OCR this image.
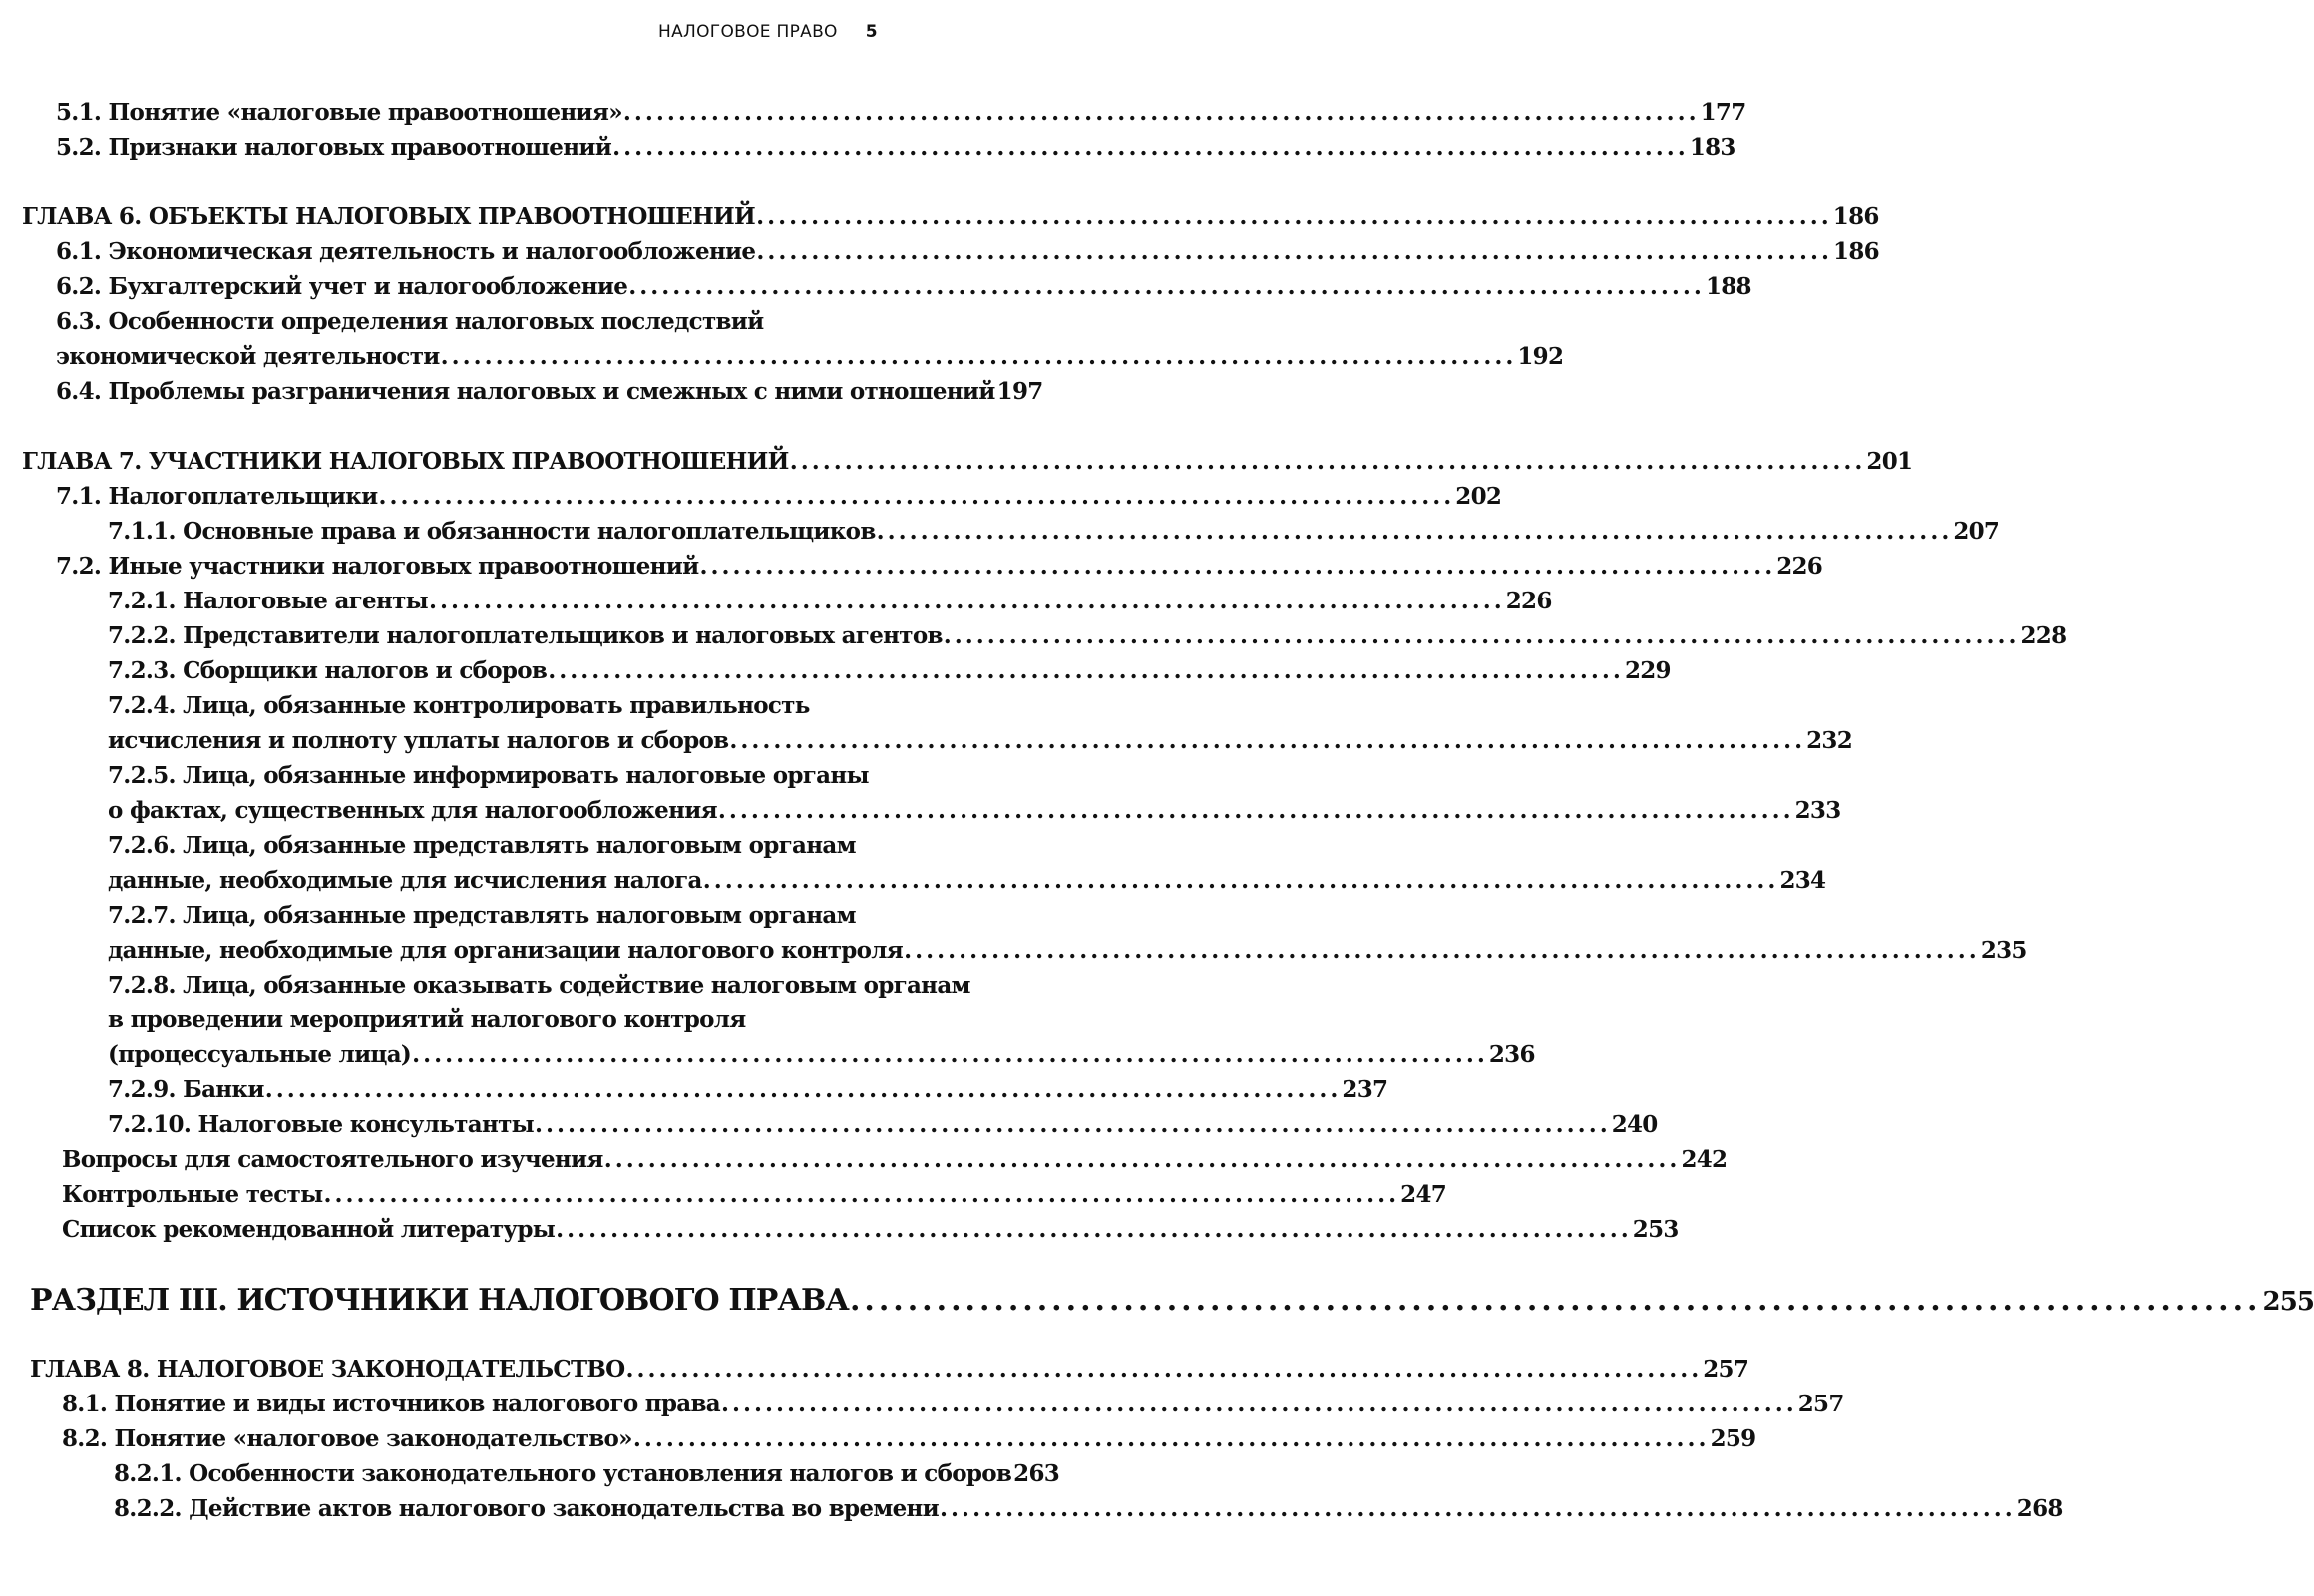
НАЛОГОВОЕ ПРАВО 5
5.1. Понятие «налоговые правоотношения» .................................................................................................. 177
5.2. Признаки налоговых правоотношений .................................................................................................. 183
ГЛАВА 6. ОБЪЕКТЫ НАЛОГОВЫХ ПРАВООТНОШЕНИЙ .................................................................................................. 186
6.1. Экономическая деятельность и налогообложение .................................................................................................. 186
6.2. Бухгалтерский учет и налогообложение .................................................................................................. 188
6.3. Особенности определения налоговых последствий
экономической деятельности .................................................................................................. 192
6.4. Проблемы разграничения налоговых и смежных с ними отношений 197
ГЛАВА 7. УЧАСТНИКИ НАЛОГОВЫХ ПРАВООТНОШЕНИЙ .................................................................................................. 201
7.1. Налогоплательщики .................................................................................................. 202
7.1.1. Основные права и обязанности налогоплательщиков .................................................................................................. 207
7.2. Иные участники налоговых правоотношений .................................................................................................. 226
7.2.1. Налоговые агенты .................................................................................................. 226
7.2.2. Представители налогоплательщиков и налоговых агентов .................................................................................................. 228
7.2.3. Сборщики налогов и сборов .................................................................................................. 229
7.2.4. Лица, обязанные контролировать правильность
исчисления и полноту уплаты налогов и сборов .................................................................................................. 232
7.2.5. Лица, обязанные информировать налоговые органы
о фактах, существенных для налогообложения .................................................................................................. 233
7.2.6. Лица, обязанные представлять налоговым органам
данные, необходимые для исчисления налога .................................................................................................. 234
7.2.7. Лица, обязанные представлять налоговым органам
данные, необходимые для организации налогового контроля .................................................................................................. 235
7.2.8. Лица, обязанные оказывать содействие налоговым органам
в проведении мероприятий налогового контроля
(процессуальные лица) .................................................................................................. 236
7.2.9. Банки .................................................................................................. 237
7.2.10. Налоговые консультанты .................................................................................................. 240
Вопросы для самостоятельного изучения .................................................................................................. 242
Контрольные тесты .................................................................................................. 247
Список рекомендованной литературы .................................................................................................. 253
РАЗДЕЛ III. ИСТОЧНИКИ НАЛОГОВОГО ПРАВА .................................................................................................. 255
ГЛАВА 8. НАЛОГОВОЕ ЗАКОНОДАТЕЛЬСТВО .................................................................................................. 257
8.1. Понятие и виды источников налогового права .................................................................................................. 257
8.2. Понятие «налоговое законодательство» .................................................................................................. 259
8.2.1. Особенности законодательного установления налогов и сборов 263
8.2.2. Действие актов налогового законодательства во времени .................................................................................................. 268
